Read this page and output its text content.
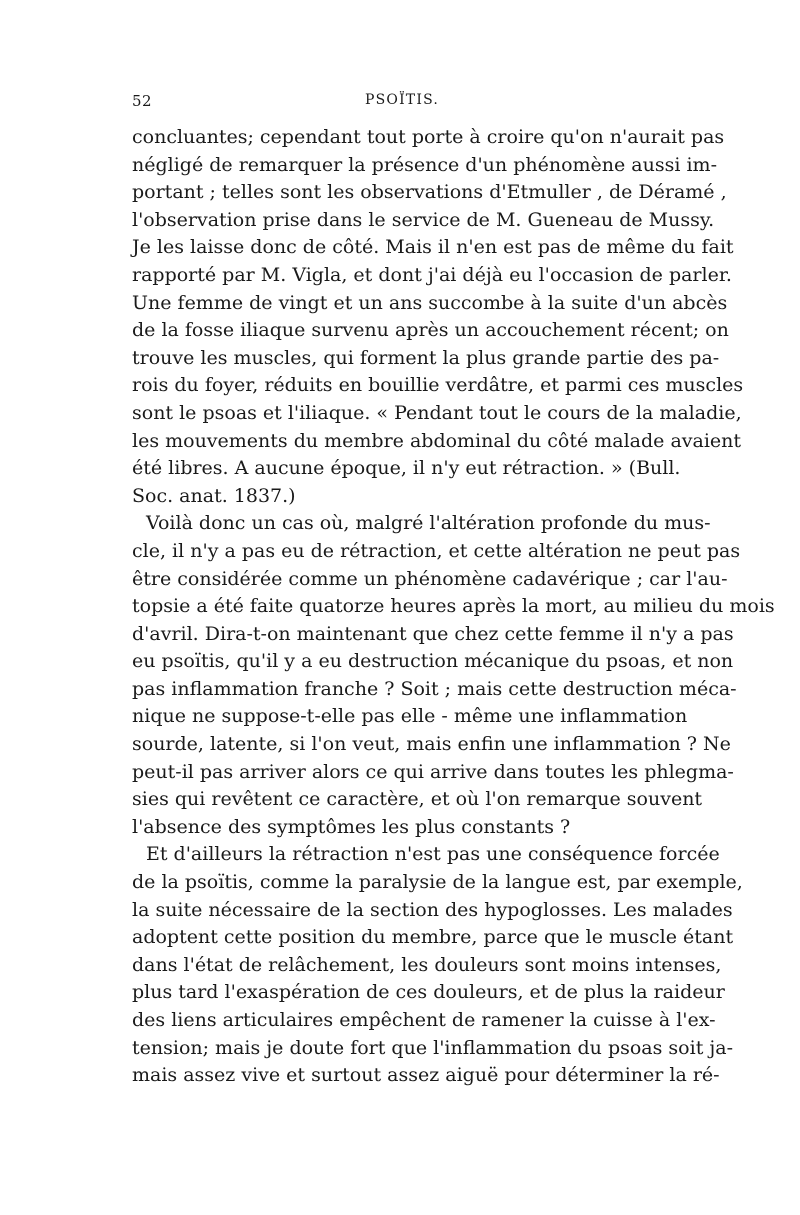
52	PSOÏTIS.
concluantes; cependant tout porte à croire qu'on n'aurait pas
négligé de remarquer la présence d'un phénomène aussi im-
portant ; telles sont les observations d'Etmuller , de Déramé ,
l'observation prise dans le service de M. Gueneau de Mussy.
Je les laisse donc de côté. Mais il n'en est pas de même du fait
rapporté par M. Vigla, et dont j'ai déjà eu l'occasion de parler.
Une femme de vingt et un ans succombe à la suite d'un abcès
de la fosse iliaque survenu après un accouchement récent; on
trouve les muscles, qui forment la plus grande partie des pa-
rois du foyer, réduits en bouillie verdâtre, et parmi ces muscles
sont le psoas et l'iliaque. « Pendant tout le cours de la maladie,
les mouvements du membre abdominal du côté malade avaient
été libres. A aucune époque, il n'y eut rétraction. » (Bull.
Soc. anat. 1837.)
Voilà donc un cas où, malgré l'altération profonde du mus-
cle, il n'y a pas eu de rétraction, et cette altération ne peut pas
être considérée comme un phénomène cadavérique ; car l'au-
topsie a été faite quatorze heures après la mort, au milieu du mois
d'avril. Dira-t-on maintenant que chez cette femme il n'y a pas
eu psoïtis, qu'il y a eu destruction mécanique du psoas, et non
pas inflammation franche ? Soit ; mais cette destruction méca-
nique ne suppose-t-elle pas elle - même une inflammation
sourde, latente, si l'on veut, mais enfin une inflammation ? Ne
peut-il pas arriver alors ce qui arrive dans toutes les phlegma-
sies qui revêtent ce caractère, et où l'on remarque souvent
l'absence des symptômes les plus constants ?
Et d'ailleurs la rétraction n'est pas une conséquence forcée
de la psoïtis, comme la paralysie de la langue est, par exemple,
la suite nécessaire de la section des hypoglosses. Les malades
adoptent cette position du membre, parce que le muscle étant
dans l'état de relâchement, les douleurs sont moins intenses,
plus tard l'exaspération de ces douleurs, et de plus la raideur
des liens articulaires empêchent de ramener la cuisse à l'ex-
tension; mais je doute fort que l'inflammation du psoas soit ja-
mais assez vive et surtout assez aiguë pour déterminer la ré-
